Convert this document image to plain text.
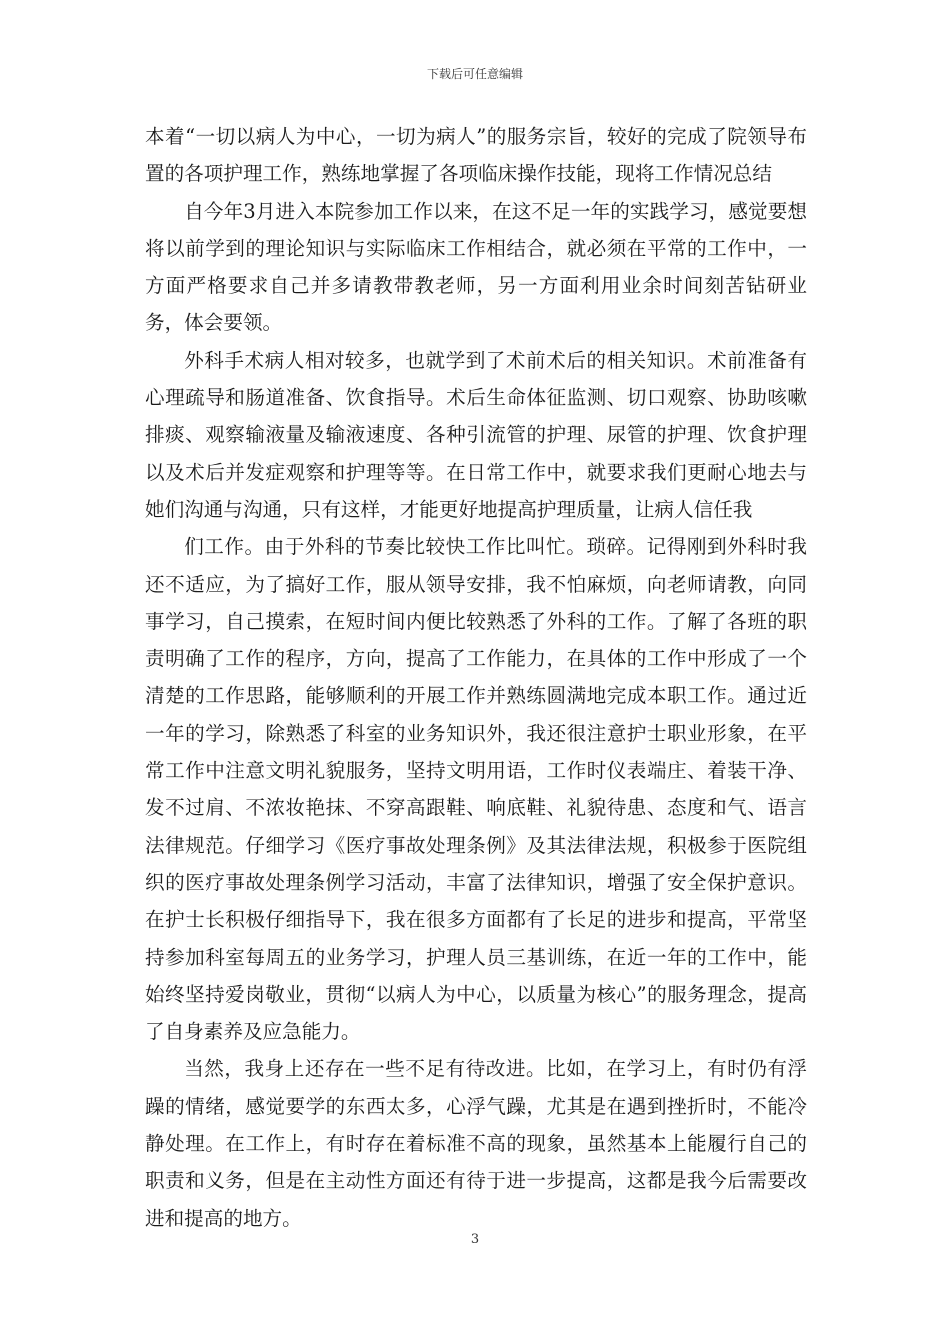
下载后可任意编辑

本着“一切以病人为中心，一切为病人”的服务宗旨，较好的完成了院领导布置的各项护理工作，熟练地掌握了各项临床操作技能，现将工作情况总结

自今年3月进入本院参加工作以来，在这不足一年的实践学习，感觉要想将以前学到的理论知识与实际临床工作相结合，就必须在平常的工作中，一方面严格要求自己并多请教带教老师，另一方面利用业余时间刻苦钻研业务，体会要领。

外科手术病人相对较多，也就学到了术前术后的相关知识。术前准备有心理疏导和肠道准备、饮食指导。术后生命体征监测、切口观察、协助咳嗽排痰、观察输液量及输液速度、各种引流管的护理、尿管的护理、饮食护理以及术后并发症观察和护理等等。在日常工作中，就要求我们更耐心地去与她们沟通与沟通，只有这样，才能更好地提高护理质量，让病人信任我

们工作。由于外科的节奏比较快工作比叫忙。琐碎。记得刚到外科时我还不适应，为了搞好工作，服从领导安排，我不怕麻烦，向老师请教，向同事学习，自己摸索，在短时间内便比较熟悉了外科的工作。了解了各班的职责明确了工作的程序，方向，提高了工作能力，在具体的工作中形成了一个清楚的工作思路，能够顺利的开展工作并熟练圆满地完成本职工作。通过近一年的学习，除熟悉了科室的业务知识外，我还很注意护士职业形象，在平常工作中注意文明礼貌服务，坚持文明用语，工作时仪表端庄、着装干净、发不过肩、不浓妆艳抹、不穿高跟鞋、响底鞋、礼貌待患、态度和气、语言法律规范。仔细学习《医疗事故处理条例》及其法律法规，积极参于医院组织的医疗事故处理条例学习活动，丰富了法律知识，增强了安全保护意识。在护士长积极仔细指导下，我在很多方面都有了长足的进步和提高，平常坚持参加科室每周五的业务学习，护理人员三基训练，在近一年的工作中，能始终坚持爱岗敬业，贯彻“以病人为中心，以质量为核心”的服务理念，提高了自身素养及应急能力。

当然，我身上还存在一些不足有待改进。比如，在学习上，有时仍有浮躁的情绪，感觉要学的东西太多，心浮气躁，尤其是在遇到挫折时，不能冷静处理。在工作上，有时存在着标准不高的现象，虽然基本上能履行自己的职责和义务，但是在主动性方面还有待于进一步提高，这都是我今后需要改进和提高的地方。

3
